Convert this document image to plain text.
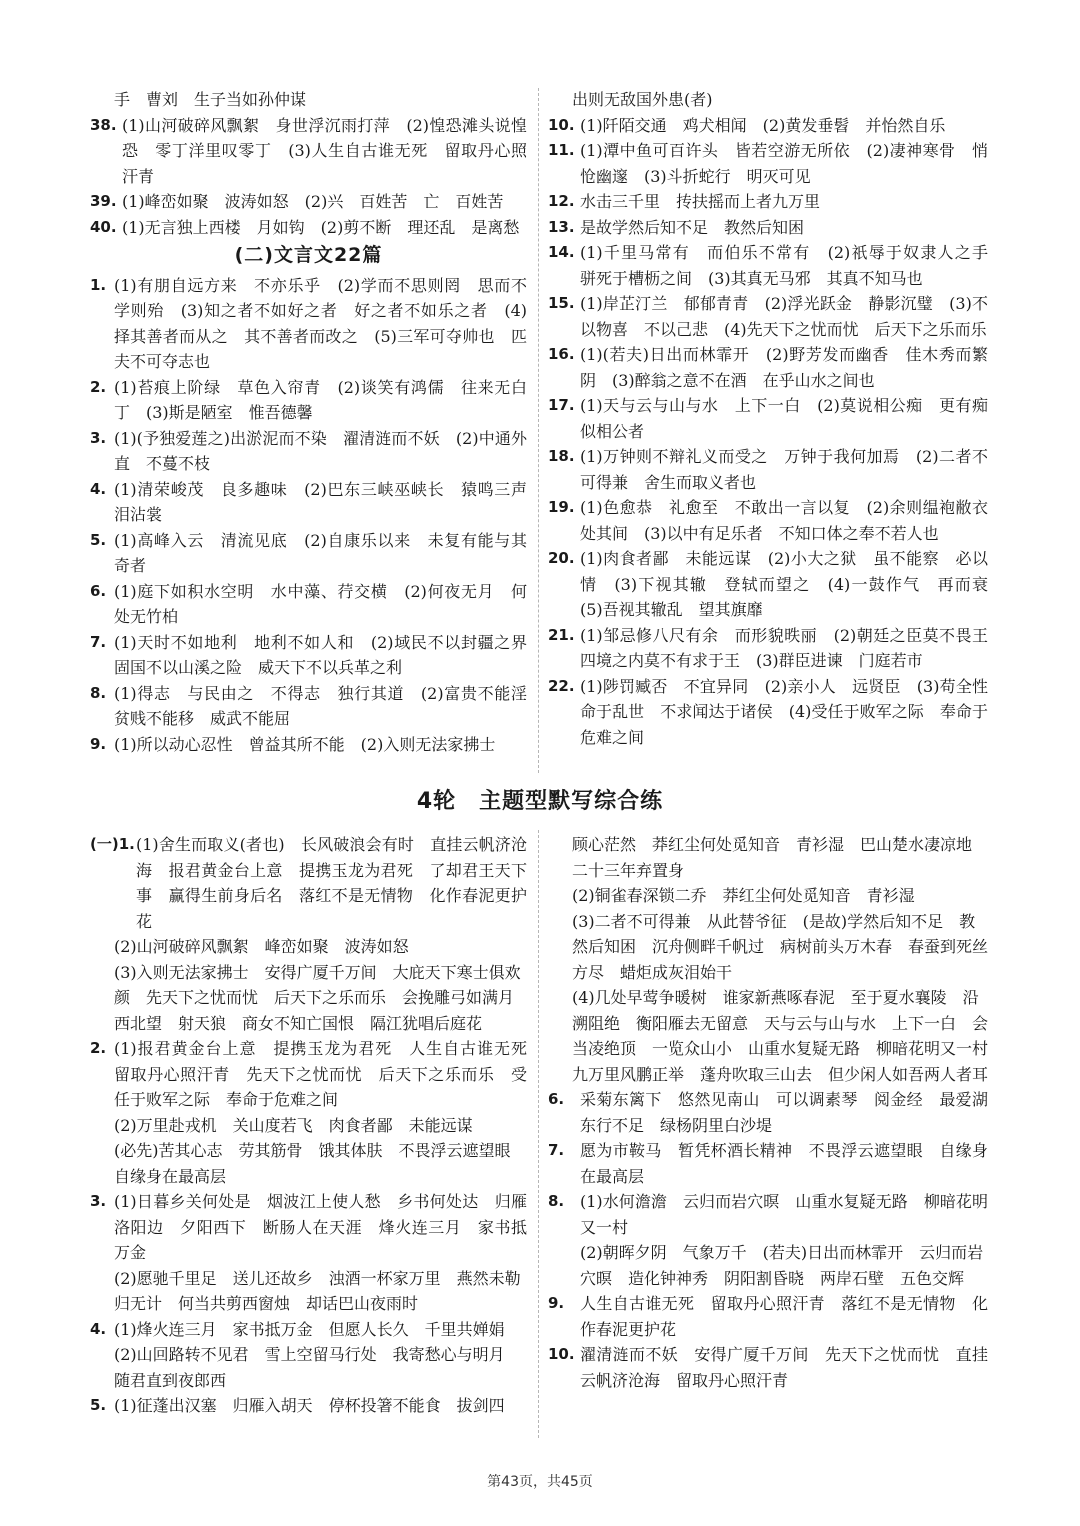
手　曹刘　生子当如孙仲谋
38. (1)山河破碎风飘絮　身世浮沉雨打萍　(2)惶恐滩头说惶恐　零丁洋里叹零丁　(3)人生自古谁无死　留取丹心照汗青
39. (1)峰峦如聚　波涛如怒　(2)兴　百姓苦　亡　百姓苦
40. (1)无言独上西楼　月如钩　(2)剪不断　理还乱　是离愁
(二)文言文22篇
1. (1)有朋自远方来　不亦乐乎　(2)学而不思则罔　思而不学则殆　(3)知之者不如好之者　好之者不如乐之者　(4)择其善者而从之　其不善者而改之　(5)三军可夺帅也　匹夫不可夺志也
2. (1)苔痕上阶绿　草色入帘青　(2)谈笑有鸿儒　往来无白丁　(3)斯是陋室　惟吾德馨
3. (1)(予独爱莲之)出淤泥而不染　濯清涟而不妖　(2)中通外直　不蔓不枝
4. (1)清荣峻茂　良多趣味　(2)巴东三峡巫峡长　猿鸣三声泪沾裳
5. (1)高峰入云　清流见底　(2)自康乐以来　未复有能与其奇者
6. (1)庭下如积水空明　水中藻、荇交横　(2)何夜无月　何处无竹柏
7. (1)天时不如地利　地利不如人和　(2)域民不以封疆之界　固国不以山溪之险　威天下不以兵革之利
8. (1)得志　与民由之　不得志　独行其道　(2)富贵不能淫　贫贱不能移　威武不能屈
9. (1)所以动心忍性　曾益其所不能　(2)入则无法家拂士
出则无敌国外患(者)
10. (1)阡陌交通　鸡犬相闻　(2)黄发垂髫　并怡然自乐
11. (1)潭中鱼可百许头　皆若空游无所依　(2)凄神寒骨　悄怆幽邃　(3)斗折蛇行　明灭可见
12. 水击三千里　抟扶摇而上者九万里
13. 是故学然后知不足　教然后知困
14. (1)千里马常有　而伯乐不常有　(2)祇辱于奴隶人之手　骈死于槽枥之间　(3)其真无马邪　其真不知马也
15. (1)岸芷汀兰　郁郁青青　(2)浮光跃金　静影沉璧　(3)不以物喜　不以己悲　(4)先天下之忧而忧　后天下之乐而乐
16. (1)(若夫)日出而林霏开　(2)野芳发而幽香　佳木秀而繁阴　(3)醉翁之意不在酒　在乎山水之间也
17. (1)天与云与山与水　上下一白　(2)莫说相公痴　更有痴似相公者
18. (1)万钟则不辩礼义而受之　万钟于我何加焉　(2)二者不可得兼　舍生而取义者也
19. (1)色愈恭　礼愈至　不敢出一言以复　(2)余则缊袍敝衣处其间　(3)以中有足乐者　不知口体之奉不若人也
20. (1)肉食者鄙　未能远谋　(2)小大之狱　虽不能察　必以情　(3)下视其辙　登轼而望之　(4)一鼓作气　再而衰　(5)吾视其辙乱　望其旗靡
21. (1)邹忌修八尺有余　而形貌昳丽　(2)朝廷之臣莫不畏王　四境之内莫不有求于王　(3)群臣进谏　门庭若市
22. (1)陟罚臧否　不宜异同　(2)亲小人　远贤臣　(3)苟全性命于乱世　不求闻达于诸侯　(4)受任于败军之际　奉命于危难之间
4轮　主题型默写综合练
(一)1. (1)舍生而取义(者也)　长风破浪会有时　直挂云帆济沧海　报君黄金台上意　提携玉龙为君死　了却君王天下事　赢得生前身后名　落红不是无情物　化作春泥更护花
(2)山河破碎风飘絮　峰峦如聚　波涛如怒
(3)入则无法家拂士　安得广厦千万间　大庇天下寒士俱欢颜　先天下之忧而忧　后天下之乐而乐　会挽雕弓如满月　西北望　射天狼　商女不知亡国恨　隔江犹唱后庭花
2. (1)报君黄金台上意　提携玉龙为君死　人生自古谁无死　留取丹心照汗青　先天下之忧而忧　后天下之乐而乐　受任于败军之际　奉命于危难之间
(2)万里赴戎机　关山度若飞　肉食者鄙　未能远谋
(必先)苦其心志　劳其筋骨　饿其体肤　不畏浮云遮望眼　自缘身在最高层
3. (1)日暮乡关何处是　烟波江上使人愁　乡书何处达　归雁洛阳边　夕阳西下　断肠人在天涯　烽火连三月　家书抵万金
(2)愿驰千里足　送儿还故乡　浊酒一杯家万里　燕然未勒归无计　何当共剪西窗烛　却话巴山夜雨时
4. (1)烽火连三月　家书抵万金　但愿人长久　千里共婵娟
(2)山回路转不见君　雪上空留马行处　我寄愁心与明月　随君直到夜郎西
5. (1)征蓬出汉塞　归雁入胡天　停杯投箸不能食　拔剑四
顾心茫然　莽红尘何处觅知音　青衫湿　巴山楚水凄凉地　二十三年弃置身
(2)铜雀春深锁二乔　莽红尘何处觅知音　青衫湿
(3)二者不可得兼　从此替爷征　(是故)学然后知不足　教然后知困　沉舟侧畔千帆过　病树前头万木春　春蚕到死丝方尽　蜡炬成灰泪始干
(4)几处早莺争暖树　谁家新燕啄春泥　至于夏水襄陵　沿溯阻绝　衡阳雁去无留意　天与云与山与水　上下一白　会当凌绝顶　一览众山小　山重水复疑无路　柳暗花明又一村　九万里风鹏正举　蓬舟吹取三山去　但少闲人如吾两人者耳
6. 采菊东篱下　悠然见南山　可以调素琴　阅金经　最爱湖东行不足　绿杨阴里白沙堤
7. 愿为市鞍马　暂凭杯酒长精神　不畏浮云遮望眼　自缘身在最高层
8. (1)水何澹澹　云归而岩穴暝　山重水复疑无路　柳暗花明又一村
(2)朝晖夕阴　气象万千　(若夫)日出而林霏开　云归而岩穴暝　造化钟神秀　阴阳割昏晓　两岸石壁　五色交辉
9. 人生自古谁无死　留取丹心照汗青　落红不是无情物　化作春泥更护花
10. 濯清涟而不妖　安得广厦千万间　先天下之忧而忧　直挂云帆济沧海　留取丹心照汗青
第43页，共45页
